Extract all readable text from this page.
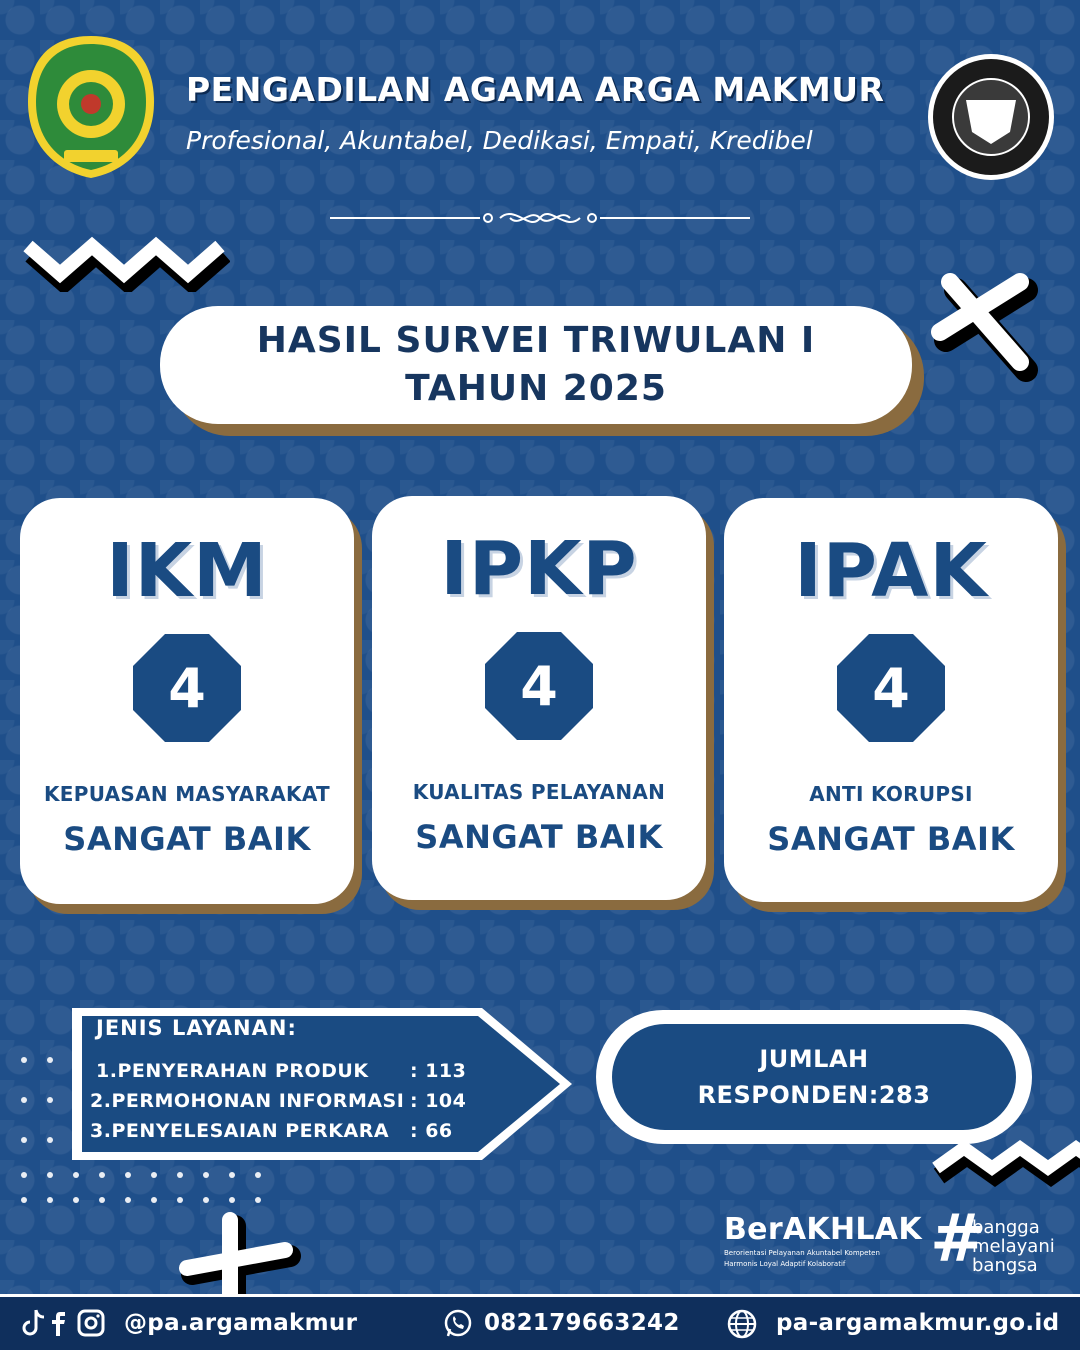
PENGADILAN AGAMA ARGA MAKMUR
Profesional, Akuntabel, Dedikasi, Empati, Kredibel
HASIL SURVEI TRIWULAN I
TAHUN 2025
IKM
4
KEPUASAN MASYARAKAT
SANGAT BAIK
IPKP
4
KUALITAS PELAYANAN
SANGAT BAIK
IPAK
4
ANTI KORUPSI
SANGAT BAIK
JENIS LAYANAN:
1.PENYERAHAN PRODUK : 113
2.PERMOHONAN INFORMASI : 104
3.PENYELESAIAN PERKARA : 66
JUMLAH
RESPONDEN:283
BerAKHLAK
Berorientasi Pelayanan Akuntabel Kompeten
Harmonis Loyal Adaptif Kolaboratif	#
bangga
melayani
bangsa
@pa.argamakmur	082179663242	pa-argamakmur.go.id
